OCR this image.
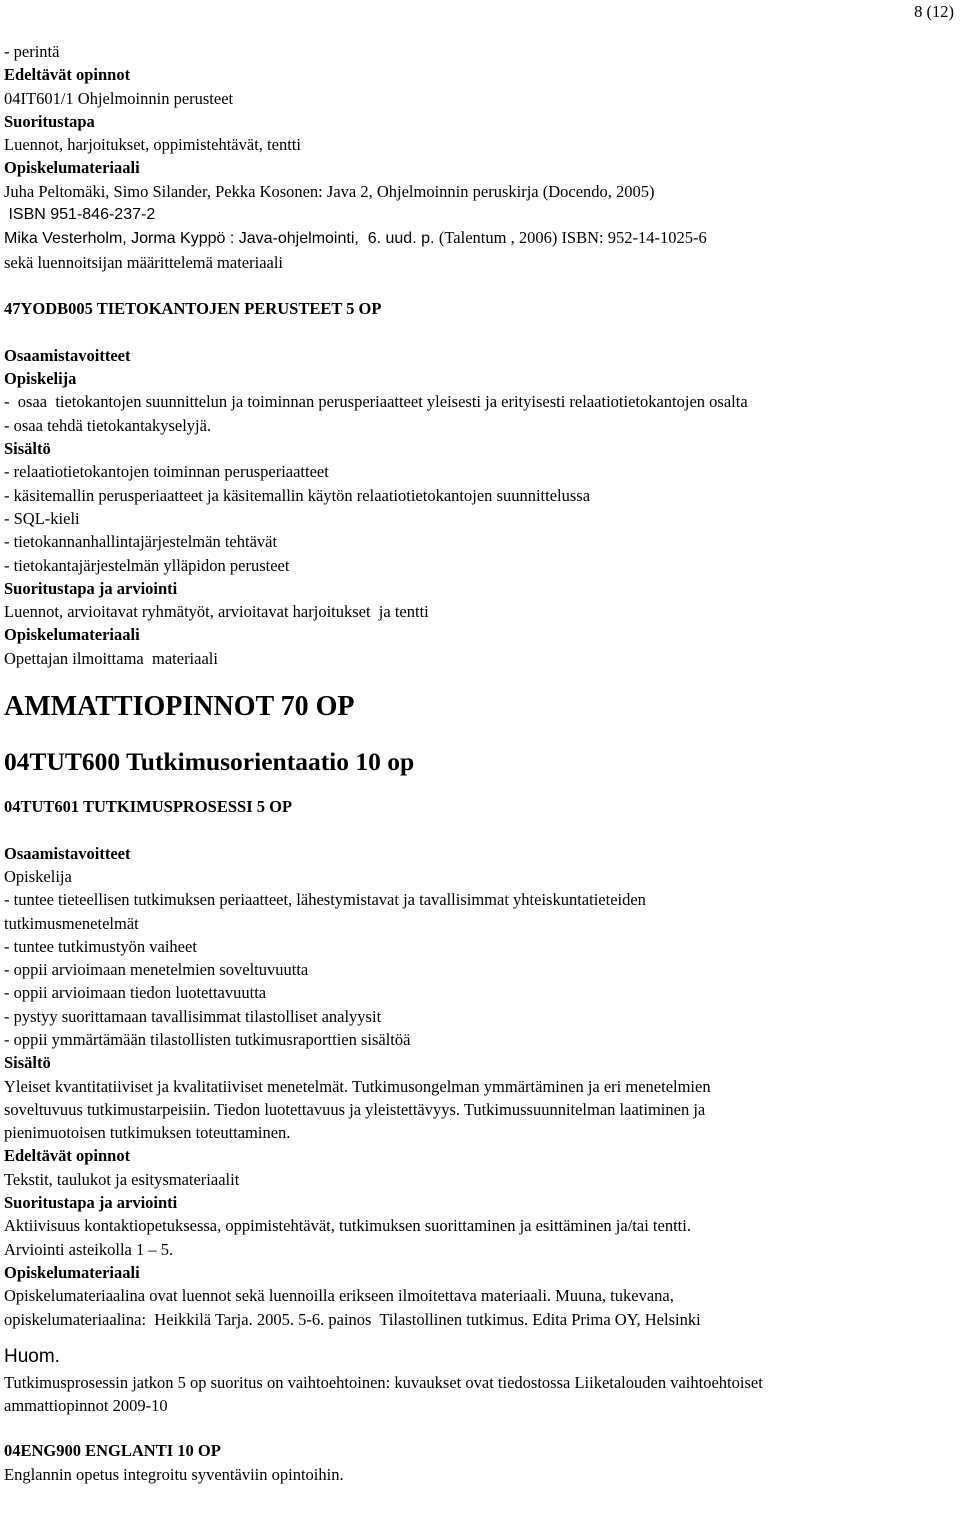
8 (12)
- perintä
Edeltävät opinnot
04IT601/1 Ohjelmoinnin perusteet
Suoritustapa
Luennot, harjoitukset, oppimistehtävät, tentti
Opiskelumateriaali
Juha Peltomäki, Simo Silander, Pekka Kosonen: Java 2, Ohjelmoinnin peruskirja (Docendo, 2005)
ISBN 951-846-237-2
Mika Vesterholm, Jorma Kyppö : Java-ohjelmointi,  6. uud. p. (Talentum , 2006) ISBN: 952-14-1025-6
sekä luennoitsijan määrittelemä materiaali
47YODB005 TIETOKANTOJEN PERUSTEET 5 OP
Osaamistavoitteet
Opiskelija
-  osaa  tietokantojen suunnittelun ja toiminnan perusperiaatteet yleisesti ja erityisesti relaatiotietokantojen osalta
- osaa tehdä tietokantakyselyjä.
Sisältö
- relaatiotietokantojen toiminnan perusperiaatteet
- käsitemallin perusperiaatteet ja käsitemallin käytön relaatiotietokantojen suunnittelussa
- SQL-kieli
- tietokannanhallintajärjestelmän tehtävät
- tietokantajärjestelmän ylläpidon perusteet
Suoritustapa ja arviointi
Luennot, arvioitavat ryhmätyöt, arvioitavat harjoitukset  ja tentti
Opiskelumateriaali
Opettajan ilmoittama  materiaali
AMMATTIOPINNOT 70 OP
04TUT600 Tutkimusorientaatio 10 op
04TUT601 TUTKIMUSPROSESSI 5 OP
Osaamistavoitteet
Opiskelija
- tuntee tieteellisen tutkimuksen periaatteet, lähestymistavat ja tavallisimmat yhteiskuntatieteiden
tutkimusmenetelmät
- tuntee tutkimustyön vaiheet
- oppii arvioimaan menetelmien soveltuvuutta
- oppii arvioimaan tiedon luotettavuutta
- pystyy suorittamaan tavallisimmat tilastolliset analyysit
- oppii ymmärtämään tilastollisten tutkimusraporttien sisältöä
Sisältö
Yleiset kvantitatiiviset ja kvalitatiiviset menetelmät. Tutkimusongelman ymmärtäminen ja eri menetelmien
soveltuvuus tutkimustarpeisiin. Tiedon luotettavuus ja yleistettävyys. Tutkimussuunnitelman laatiminen ja
pienimuotoisen tutkimuksen toteuttaminen.
Edeltävät opinnot
Tekstit, taulukot ja esitysmateriaalit
Suoritustapa ja arviointi
Aktiivisuus kontaktiopetuksessa, oppimistehtävät, tutkimuksen suorittaminen ja esittäminen ja/tai tentti.
Arviointi asteikolla 1 – 5.
Opiskelumateriaali
Opiskelumateriaalina ovat luennot sekä luennoilla erikseen ilmoitettava materiaali. Muuna, tukevana,
opiskelumateriaalina:  Heikkilä Tarja. 2005. 5-6. painos  Tilastollinen tutkimus. Edita Prima OY, Helsinki
Huom.
Tutkimusprosessin jatkon 5 op suoritus on vaihtoehtoinen: kuvaukset ovat tiedostossa Liiketalouden vaihtoehtoiset
ammattiopinnot 2009-10
04ENG900 ENGLANTI 10 OP
Englannin opetus integroitu syventäviin opintoihin.
